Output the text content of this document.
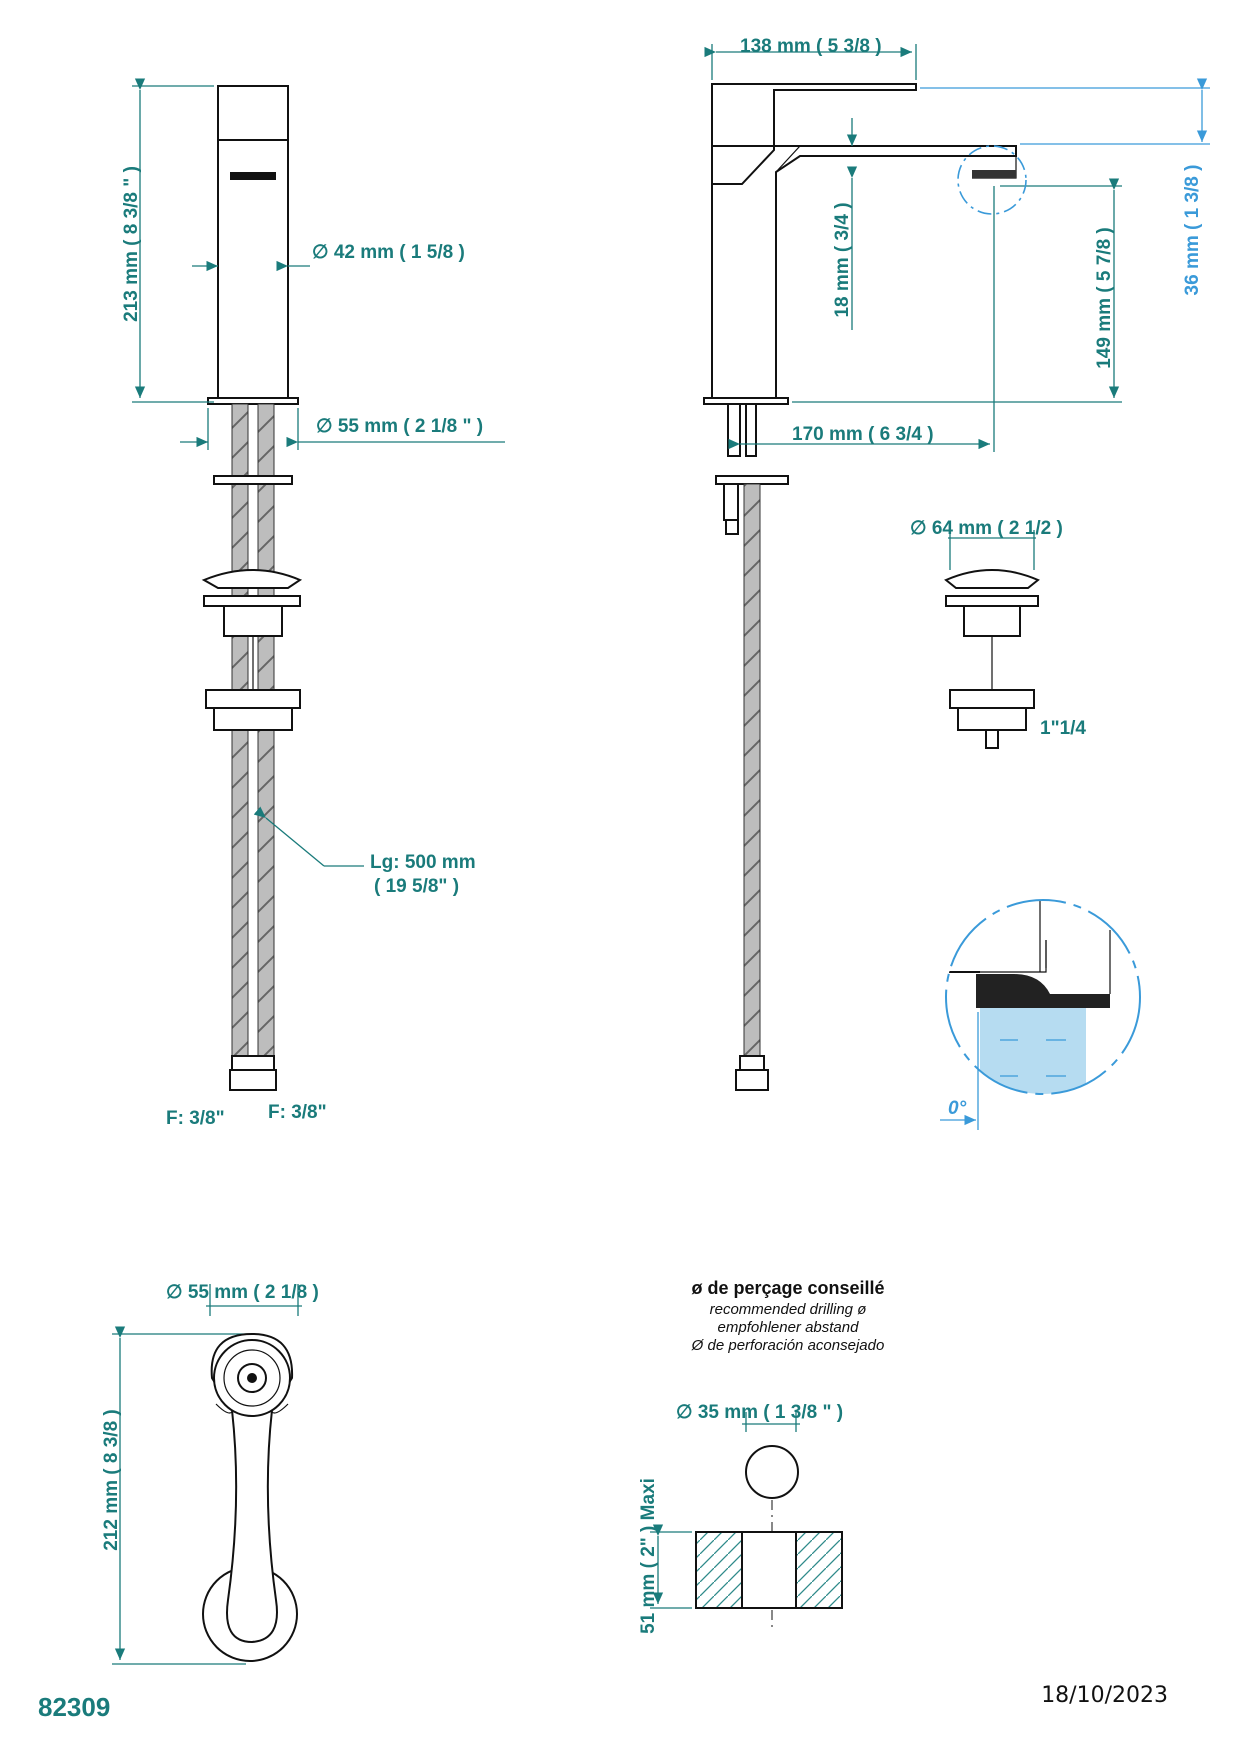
213 mm ( 8 3/8 " )	∅ 42 mm ( 1 5/8 )
∅ 55 mm ( 2 1/8 " )
Lg: 500 mm
( 19 5/8" )
F: 3/8" F: 3/8"
138 mm ( 5 3/8 )
18 mm ( 3/4 )	36 mm ( 1 3/8 )
149 mm ( 5 7/8 )
170 mm ( 6 3/4 )
∅ 64 mm ( 2 1/2 )
1"1/4
0°
∅ 55 mm ( 2 1/8 )
212 mm ( 8 3/8 )
ø de perçage conseillé
recommended drilling ø
empfohlener abstand
Ø de perforación aconsejado
∅ 35 mm ( 1 3/8 " )
51 mm ( 2" ) Maxi
82309	18/10/2023
